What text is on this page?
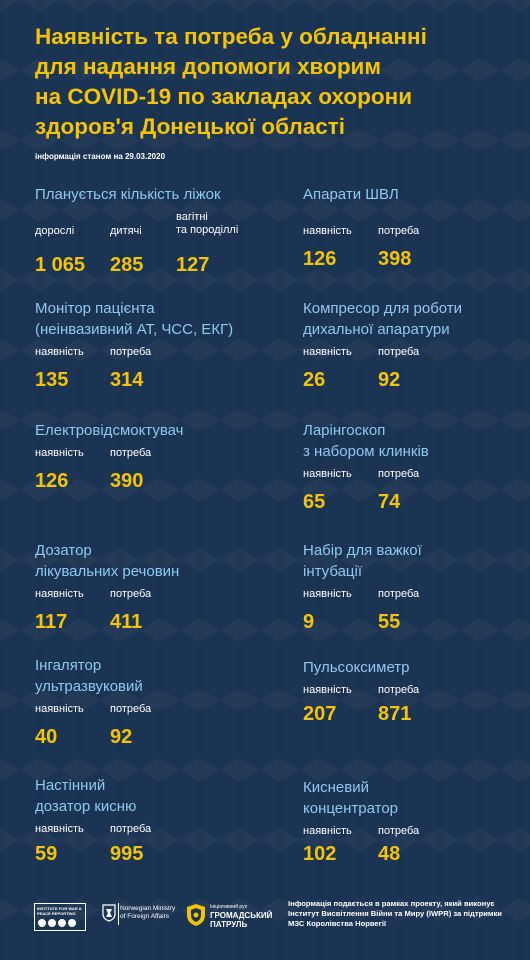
Наявність та потреба у обладнанні
для надання допомоги хворим
на COVID-19 по закладах охорони
здоров'я Донецької області
інформація станом на 29.03.2020
Планується кількість ліжок
дорослі
1 065
дитячі
285
вагітні
та породіллі
127
Апарати ШВЛ
наявність
126
потреба
398
Монітор пацієнта
(неінвазивний АТ, ЧСС, ЕКГ)
наявність
135
потреба
314
Компресор для роботи
дихальної апаратури
наявність
26
потреба
92
Електровідсмоктувач
наявність
126
потреба
390
Ларінгоскоп
з набором клинків
наявність
65
потреба
74
Дозатор
лікувальних речовин
наявність
117
потреба
411
Набір для важкої
інтубації
наявність
9
потреба
55
Інгалятор
ультразвуковий
наявність
40
потреба
92
Пульсоксиметр
наявність
207
потреба
871
Настінний
дозатор кисню
наявність
59
потреба
995
Кисневий
концентратор
наявність
102
потреба
48
INSTITUTE FOR WAR & PEACE REPORTING
Norwegian Ministry
of Foreign Affairs
Ініціативний рух
ГРОМАДСЬКИЙ
ПАТРУЛЬ
Інформація подається в рамках проекту, який виконує
Інститут Висвітлення Війни та Миру (IWPR) за підтримки
МЗС Королівства Норвегії
